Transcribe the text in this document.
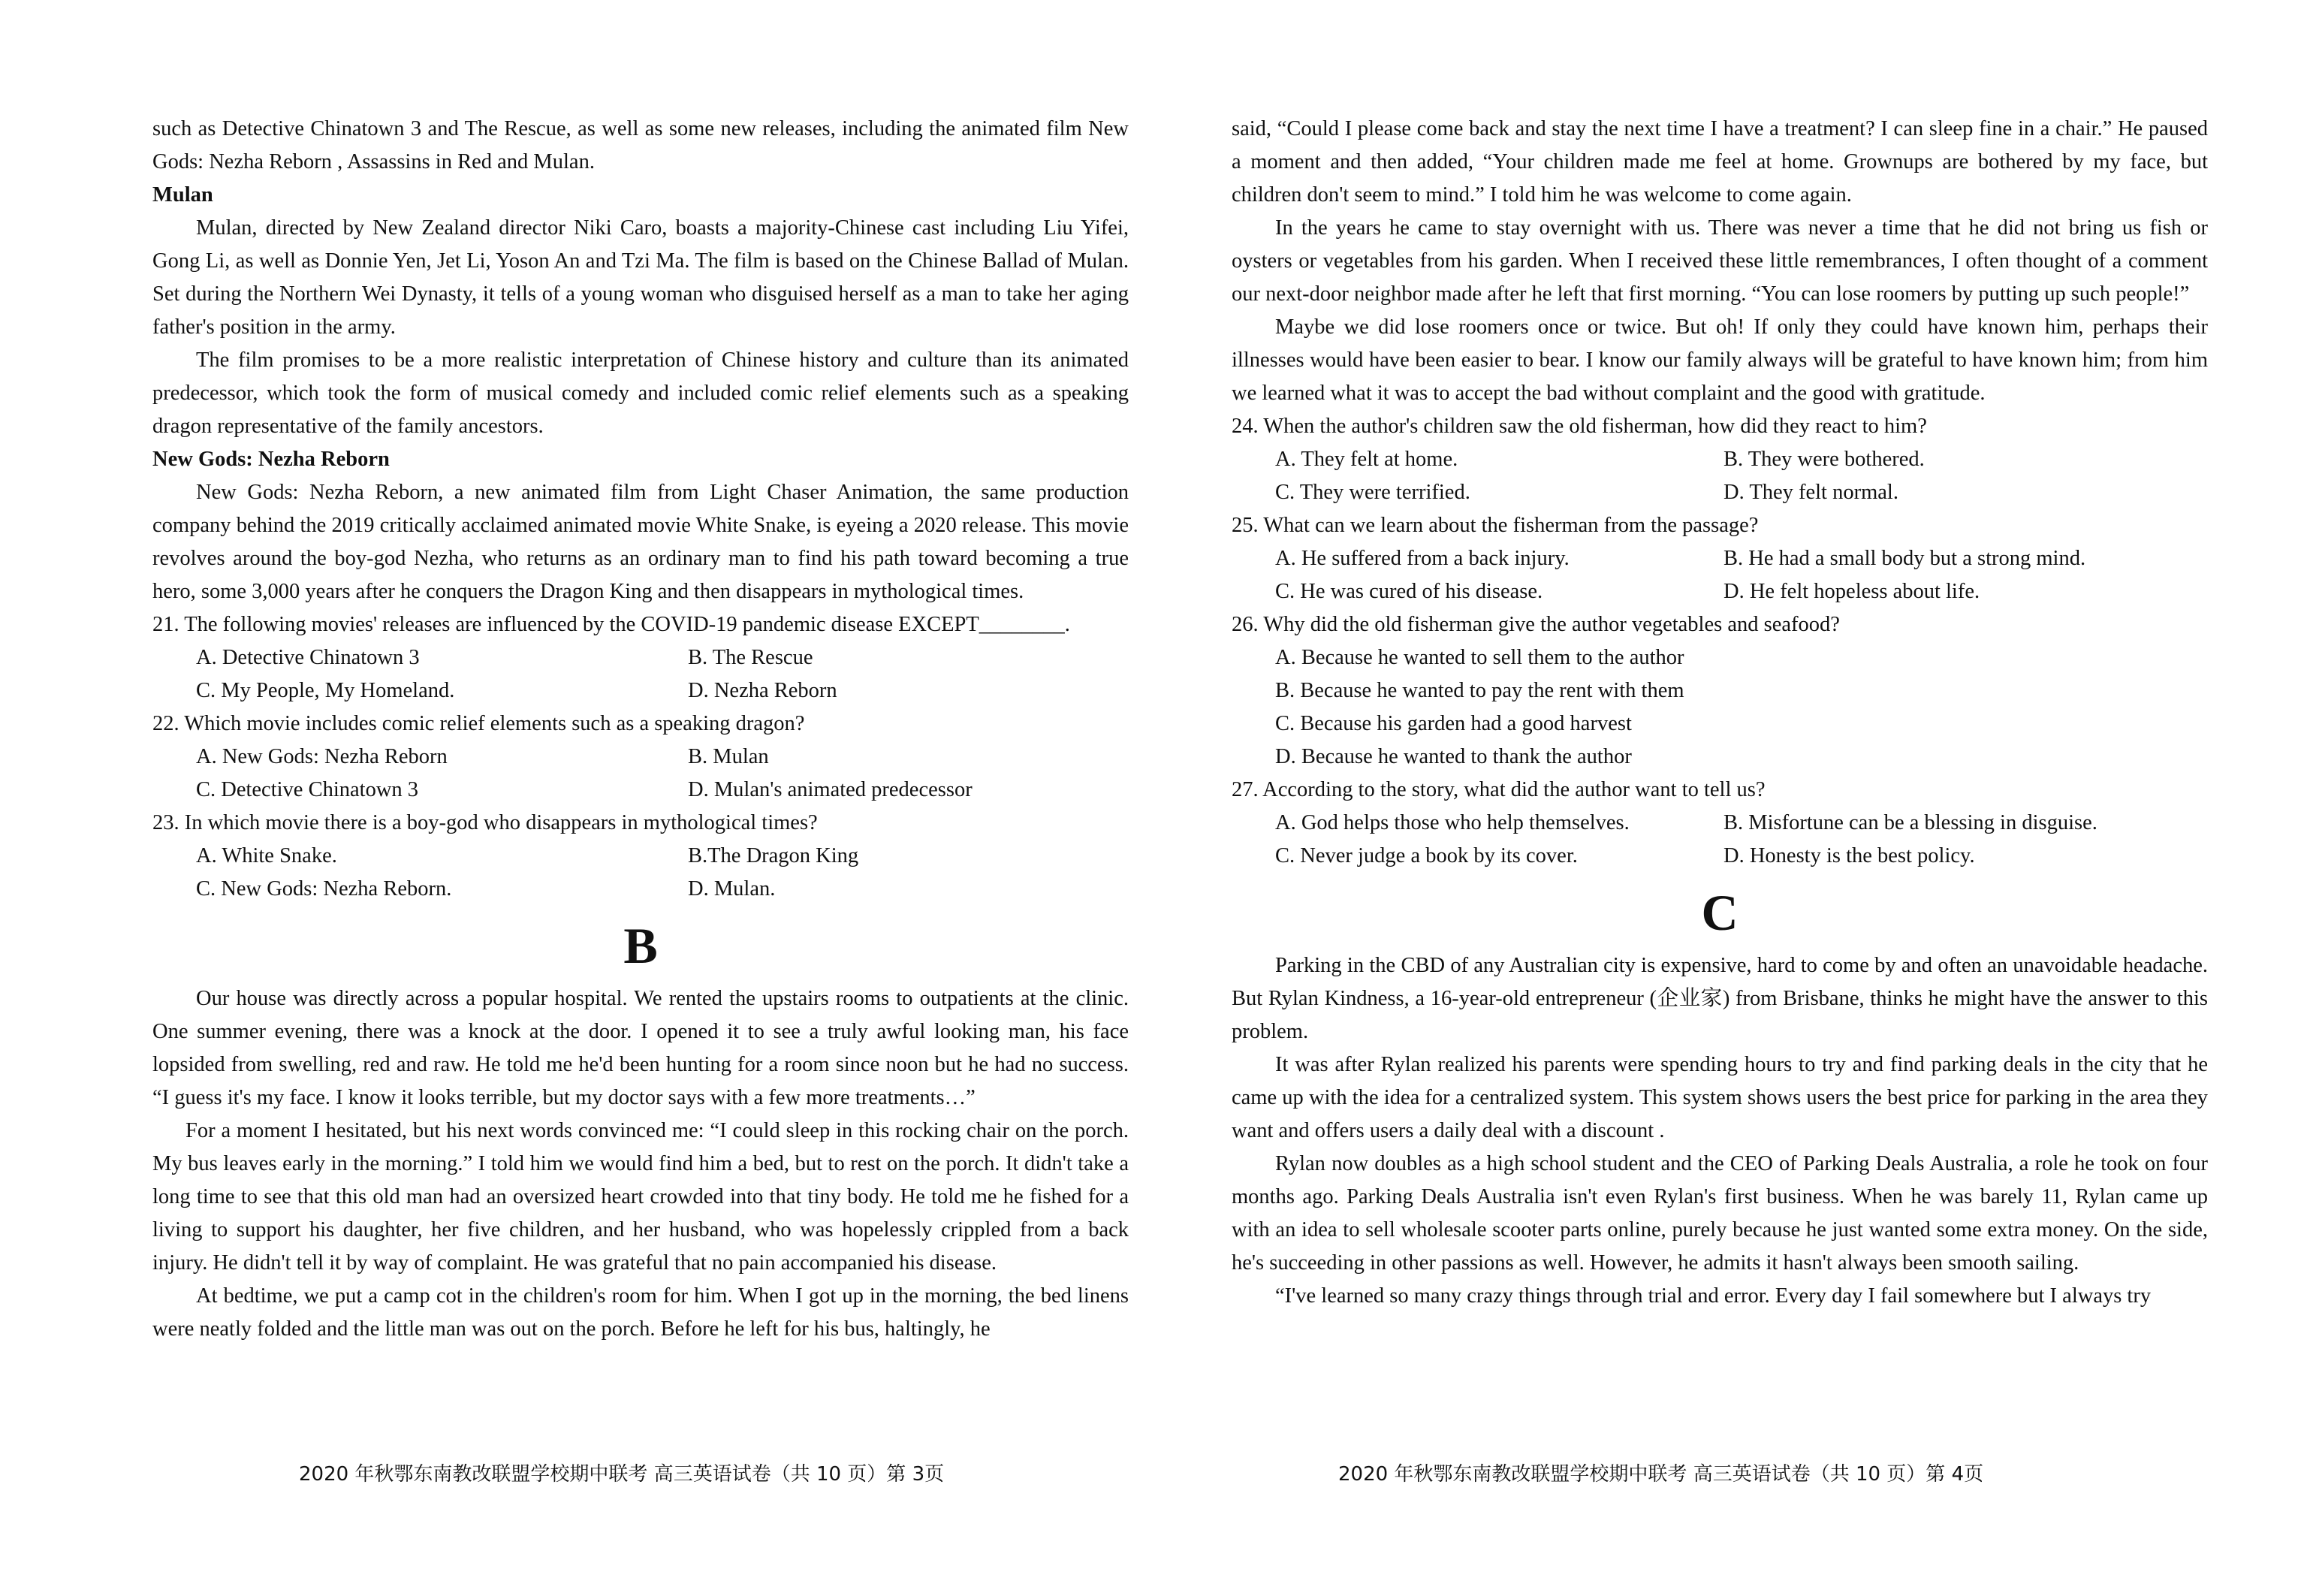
such as Detective Chinatown 3 and The Rescue, as well as some new releases, including the animated film New Gods: Nezha Reborn , Assassins in Red and Mulan.

Mulan

Mulan, directed by New Zealand director Niki Caro, boasts a majority-Chinese cast including Liu Yifei, Gong Li, as well as Donnie Yen, Jet Li, Yoson An and Tzi Ma. The film is based on the Chinese Ballad of Mulan. Set during the Northern Wei Dynasty, it tells of a young woman who disguised herself as a man to take her aging father's position in the army.

The film promises to be a more realistic interpretation of Chinese history and culture than its animated predecessor, which took the form of musical comedy and included comic relief elements such as a speaking dragon representative of the family ancestors.

New Gods: Nezha Reborn

New Gods: Nezha Reborn, a new animated film from Light Chaser Animation, the same production company behind the 2019 critically acclaimed animated movie White Snake, is eyeing a 2020 release. This movie revolves around the boy-god Nezha, who returns as an ordinary man to find his path toward becoming a true hero, some 3,000 years after he conquers the Dragon King and then disappears in mythological times.

21. The following movies' releases are influenced by the COVID-19 pandemic disease EXCEPT________.

A. Detective Chinatown 3	B. The Rescue
C. My People, My Homeland.	D. Nezha Reborn

22. Which movie includes comic relief elements such as a speaking dragon?

A. New Gods: Nezha Reborn	B. Mulan
C. Detective Chinatown 3	D. Mulan's animated predecessor

23. In which movie there is a boy-god who disappears in mythological times?

A. White Snake.	B.The Dragon King
C. New Gods: Nezha Reborn.	D. Mulan.
B

Our house was directly across a popular hospital. We rented the upstairs rooms to outpatients at the clinic. One summer evening, there was a knock at the door. I opened it to see a truly awful looking man, his face lopsided from swelling, red and raw. He told me he'd been hunting for a room since noon but he had no success. “I guess it's my face. I know it looks terrible, but my doctor says with a few more treatments…”

For a moment I hesitated, but his next words convinced me: “I could sleep in this rocking chair on the porch. My bus leaves early in the morning.” I told him we would find him a bed, but to rest on the porch. It didn't take a long time to see that this old man had an oversized heart crowded into that tiny body. He told me he fished for a living to support his daughter, her five children, and her husband, who was hopelessly crippled from a back injury. He didn't tell it by way of complaint. He was grateful that no pain accompanied his disease.

At bedtime, we put a camp cot in the children's room for him. When I got up in the morning, the bed linens were neatly folded and the little man was out on the porch. Before he left for his bus, haltingly, he

2020 年秋鄂东南教改联盟学校期中联考 高三英语试卷（共 10 页）第 3页

said, “Could I please come back and stay the next time I have a treatment? I can sleep fine in a chair.” He paused a moment and then added, “Your children made me feel at home. Grownups are bothered by my face, but children don't seem to mind.” I told him he was welcome to come again.

In the years he came to stay overnight with us. There was never a time that he did not bring us fish or oysters or vegetables from his garden. When I received these little remembrances, I often thought of a comment our next-door neighbor made after he left that first morning. “You can lose roomers by putting up such people!”

Maybe we did lose roomers once or twice. But oh! If only they could have known him, perhaps their illnesses would have been easier to bear. I know our family always will be grateful to have known him; from him we learned what it was to accept the bad without complaint and the good with gratitude.

24. When the author's children saw the old fisherman, how did they react to him?

A. They felt at home.	B. They were bothered.
C. They were terrified.	D. They felt normal.

25. What can we learn about the fisherman from the passage?

A. He suffered from a back injury.	B. He had a small body but a strong mind.
C. He was cured of his disease.	D. He felt hopeless about life.

26. Why did the old fisherman give the author vegetables and seafood?

A. Because he wanted to sell them to the author

B. Because he wanted to pay the rent with them

C. Because his garden had a good harvest

D. Because he wanted to thank the author

27. According to the story, what did the author want to tell us?

A. God helps those who help themselves.	B. Misfortune can be a blessing in disguise.
C. Never judge a book by its cover.	D. Honesty is the best policy.
C

Parking in the CBD of any Australian city is expensive, hard to come by and often an unavoidable headache. But Rylan Kindness, a 16-year-old entrepreneur (企业家) from Brisbane, thinks he might have the answer to this problem.

It was after Rylan realized his parents were spending hours to try and find parking deals in the city that he came up with the idea for a centralized system. This system shows users the best price for parking in the area they want and offers users a daily deal with a discount .

Rylan now doubles as a high school student and the CEO of Parking Deals Australia, a role he took on four months ago. Parking Deals Australia isn't even Rylan's first business. When he was barely 11, Rylan came up with an idea to sell wholesale scooter parts online, purely because he just wanted some extra money. On the side, he's succeeding in other passions as well. However, he admits it hasn't always been smooth sailing.

“I've learned so many crazy things through trial and error. Every day I fail somewhere but I always try

2020 年秋鄂东南教改联盟学校期中联考 高三英语试卷（共 10 页）第 4页
